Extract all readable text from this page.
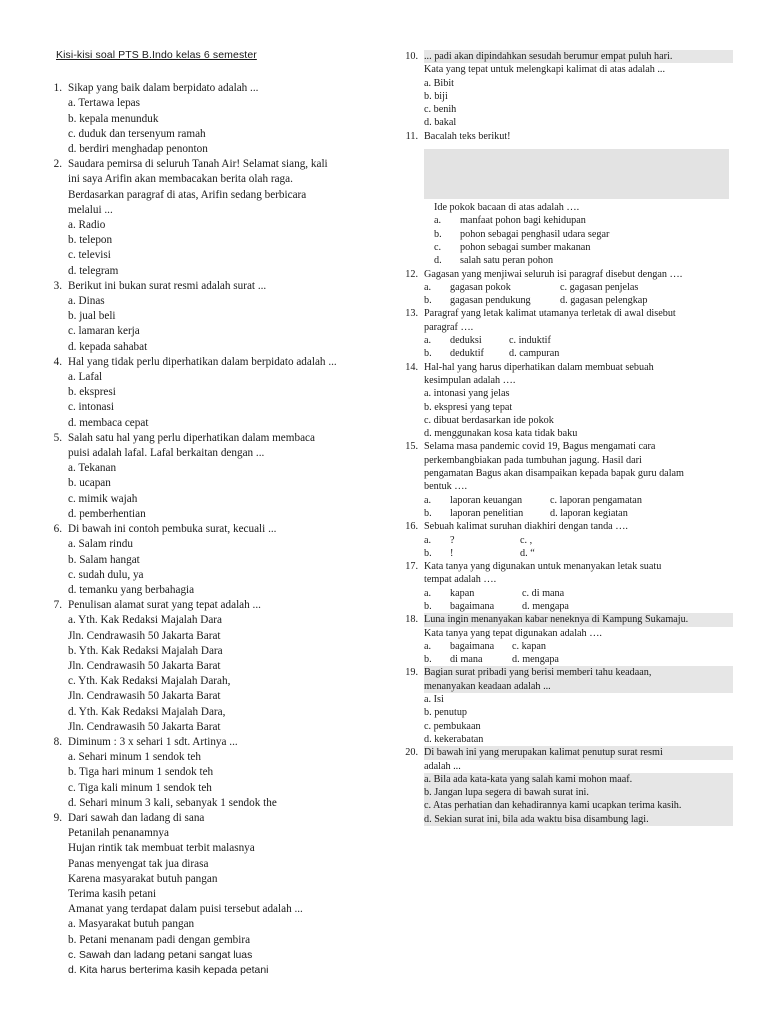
Kisi-kisi soal PTS B.Indo kelas 6 semester
1. Sikap yang baik dalam berpidato adalah ...
a. Tertawa lepas
b. kepala menunduk
c. duduk dan tersenyum ramah
d. berdiri menghadap penonton
2. Saudara pemirsa di seluruh Tanah Air! Selamat siang, kali
ini saya Arifin akan membacakan berita olah raga.
Berdasarkan paragraf di atas, Arifin sedang berbicara
melalui ...
a. Radio
b. telepon
c. televisi
d. telegram
3. Berikut ini bukan surat resmi adalah surat ...
a. Dinas
b. jual beli
c. lamaran kerja
d. kepada sahabat
4. Hal yang tidak perlu diperhatikan dalam berpidato adalah ...
a. Lafal
b. ekspresi
c. intonasi
d. membaca cepat
5. Salah satu hal yang perlu diperhatikan dalam membaca
puisi adalah lafal. Lafal berkaitan dengan ...
a. Tekanan
b. ucapan
c. mimik wajah
d. pemberhentian
6. Di bawah ini contoh pembuka surat, kecuali ...
a. Salam rindu
b. Salam hangat
c. sudah dulu, ya
d. temanku yang berbahagia
7. Penulisan alamat surat yang tepat adalah ...
a. Yth. Kak Redaksi Majalah Dara
Jln. Cendrawasih 50 Jakarta Barat
b. Yth. Kak Redaksi Majalah Dara
Jln. Cendrawasih 50 Jakarta Barat
c. Yth. Kak Redaksi Majalah Darah,
Jln. Cendrawasih 50 Jakarta Barat
d. Yth. Kak Redaksi Majalah Dara,
Jln. Cendrawasih 50 Jakarta Barat
8. Diminum : 3 x sehari 1 sdt. Artinya ...
a. Sehari minum 1 sendok teh
b. Tiga hari minum 1 sendok teh
c. Tiga kali minum 1 sendok teh
d. Sehari minum 3 kali, sebanyak 1 sendok the
9. Dari sawah dan ladang di sana
Petanilah penanamnya
Hujan rintik tak membuat terbit malasnya
Panas menyengat tak jua dirasa
Karena masyarakat butuh pangan
Terima kasih petani
Amanat yang terdapat dalam puisi tersebut adalah ...
a. Masyarakat butuh pangan
b. Petani menanam padi dengan gembira
c. Sawah dan ladang petani sangat luas
d. Kita harus berterima kasih kepada petani
10. ... padi akan dipindahkan sesudah berumur empat puluh hari.
Kata yang tepat untuk melengkapi kalimat di atas adalah ...
a. Bibit
b. biji
c. benih
d. bakal
11. Bacalah teks berikut!
Ide pokok bacaan di atas adalah ….
a.	manfaat pohon bagi kehidupan
b.	pohon sebagai penghasil udara segar
c.	pohon sebagai sumber makanan
d.	salah satu peran pohon
12. Gagasan yang menjiwai seluruh isi paragraf disebut dengan ….
a.	gagasan pokok	c. gagasan penjelas
b.	gagasan pendukung	d. gagasan pelengkap
13. Paragraf yang letak kalimat utamanya terletak di awal disebut
paragraf ….
a.	deduksi	c. induktif
b.	deduktif	d. campuran
14. Hal-hal yang harus diperhatikan dalam membuat sebuah
kesimpulan adalah ….
a. intonasi yang jelas
b. ekspresi yang tepat
c. dibuat berdasarkan ide pokok
d. menggunakan kosa kata tidak baku
15. Selama masa pandemic covid 19, Bagus mengamati cara
perkembangbiakan pada tumbuhan jagung. Hasil dari
pengamatan Bagus akan disampaikan kepada bapak guru dalam
bentuk ….
a.	laporan keuangan	c. laporan pengamatan
b.	laporan penelitian	d. laporan kegiatan
16. Sebuah kalimat suruhan diakhiri dengan tanda ….
a.	?	c. ,
b.	!	d. “
17. Kata tanya yang digunakan untuk menanyakan letak suatu
tempat adalah ….
a.	kapan	c. di mana
b.	bagaimana	d. mengapa
18. Luna ingin menanyakan kabar neneknya di Kampung Sukamaju.
Kata tanya yang tepat digunakan adalah ….
a.	bagaimana	c. kapan
b.	di mana	d. mengapa
19. Bagian surat pribadi yang berisi memberi tahu keadaan,
menanyakan keadaan adalah ...
a. Isi
b. penutup
c. pembukaan
d. kekerabatan
20. Di bawah ini yang merupakan kalimat penutup surat resmi
adalah ...
a. Bila ada kata-kata yang salah kami mohon maaf.
b. Jangan lupa segera di bawah surat ini.
c. Atas perhatian dan kehadirannya kami ucapkan terima kasih.
d. Sekian surat ini, bila ada waktu bisa disambung lagi.
